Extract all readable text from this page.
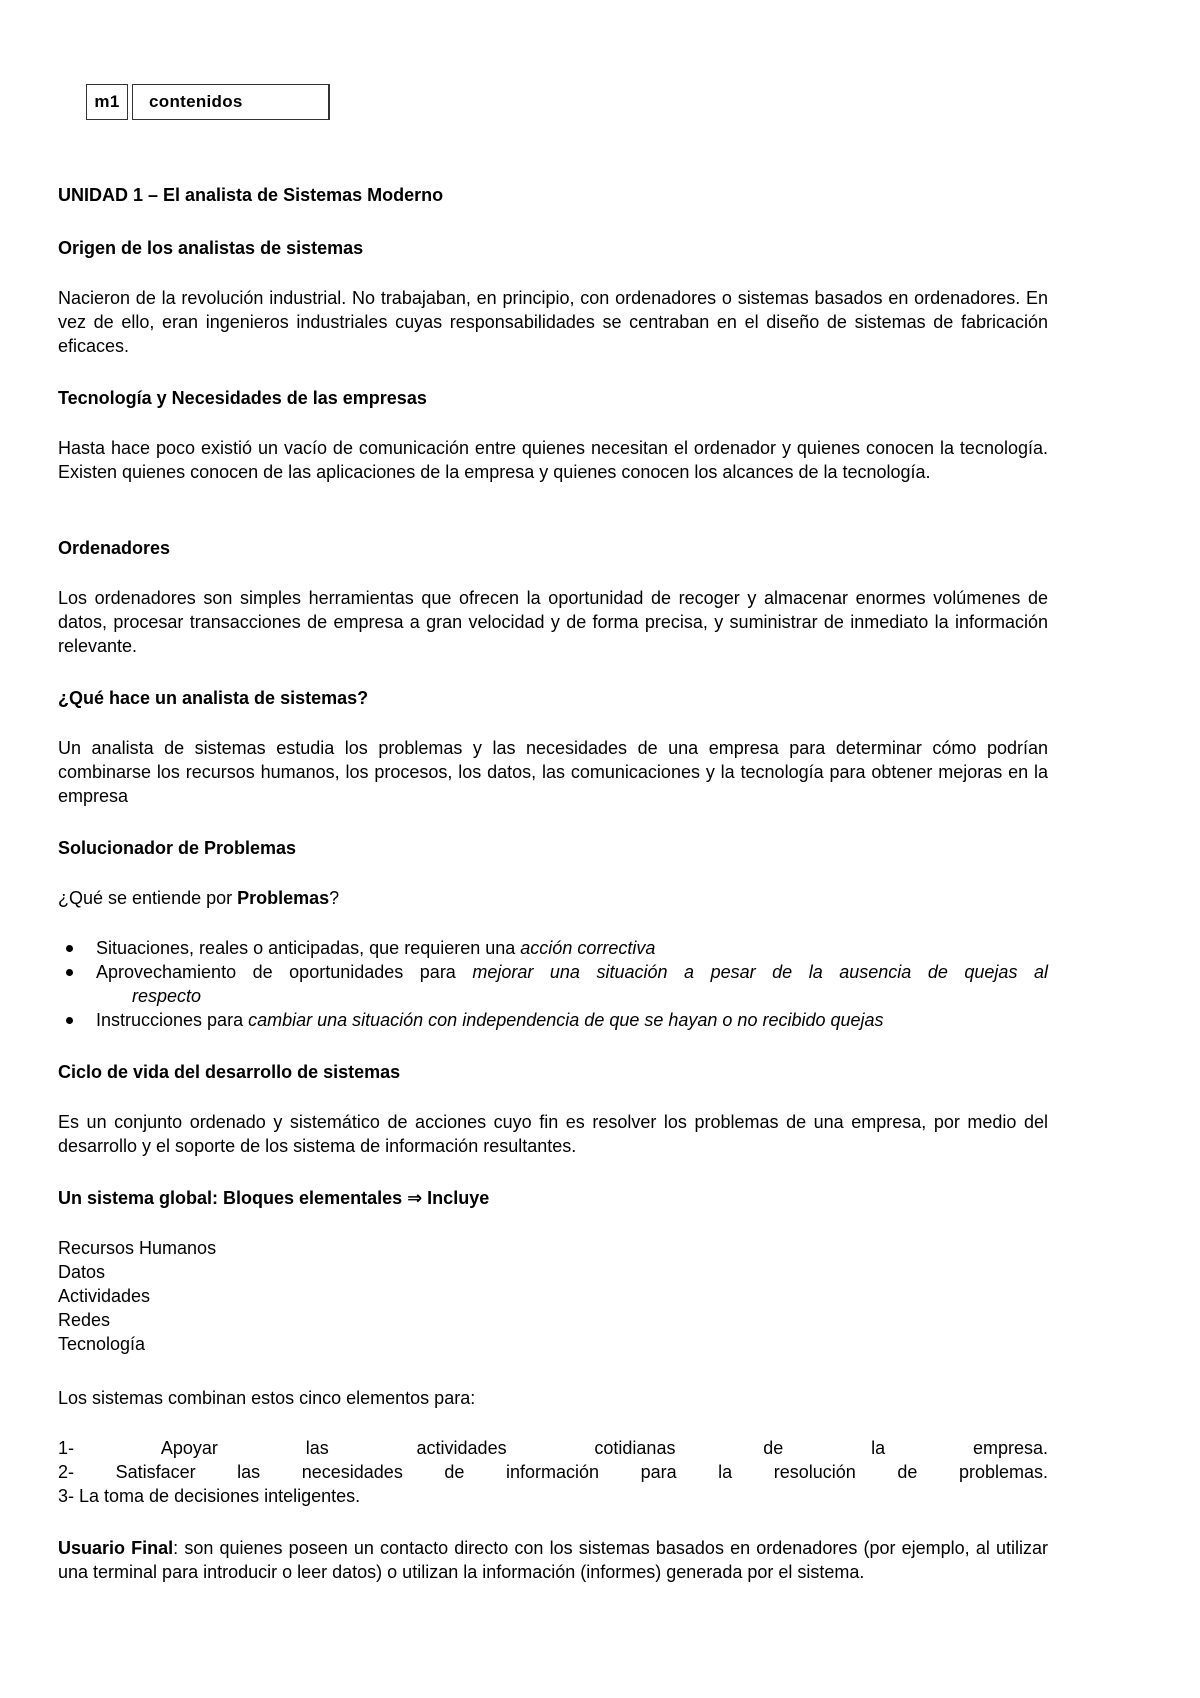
m1	contenidos

UNIDAD 1 – El analista de Sistemas Moderno

Origen de los analistas de sistemas

Nacieron de la revolución industrial. No trabajaban, en principio, con ordenadores o sistemas basados en ordenadores. En vez de ello, eran ingenieros industriales cuyas responsabilidades se centraban en el diseño de sistemas de fabricación eficaces.

Tecnología y Necesidades de las empresas

Hasta hace poco existió un vacío de comunicación entre quienes necesitan el ordenador y quienes conocen la tecnología. Existen quienes conocen de las aplicaciones de la empresa y quienes conocen los alcances de la tecnología.

Ordenadores

Los ordenadores son simples herramientas que ofrecen la oportunidad de recoger y almacenar enormes volúmenes de datos, procesar transacciones de empresa a gran velocidad y de forma precisa, y suministrar de inmediato la información relevante.

¿Qué hace un analista de sistemas?

Un analista de sistemas estudia los problemas y las necesidades de una empresa para determinar cómo podrían combinarse los recursos humanos, los procesos, los datos, las comunicaciones y la tecnología para obtener mejoras en la empresa

Solucionador de Problemas

¿Qué se entiende por Problemas?

Situaciones, reales o anticipadas, que requieren una acción correctiva
Aprovechamiento de oportunidades para mejorar una situación a pesar de la ausencia de quejas al
respecto
Instrucciones para cambiar una situación con independencia de que se hayan o no recibido quejas

Ciclo de vida del desarrollo de sistemas

Es un conjunto ordenado y sistemático de acciones cuyo fin es resolver los problemas de una empresa, por medio del desarrollo y el soporte de los sistema de información resultantes.

Un sistema global: Bloques elementales ⇒ Incluye

Recursos Humanos
Datos
Actividades
Redes
Tecnología

Los sistemas combinan estos cinco elementos para:

1- Apoyar las actividades cotidianas de la empresa.
2- Satisfacer las necesidades de información para la resolución de problemas.
3- La toma de decisiones inteligentes.

Usuario Final: son quienes poseen un contacto directo con los sistemas basados en ordenadores (por ejemplo, al utilizar una terminal para introducir o leer datos) o utilizan la información (informes) generada por el sistema.
